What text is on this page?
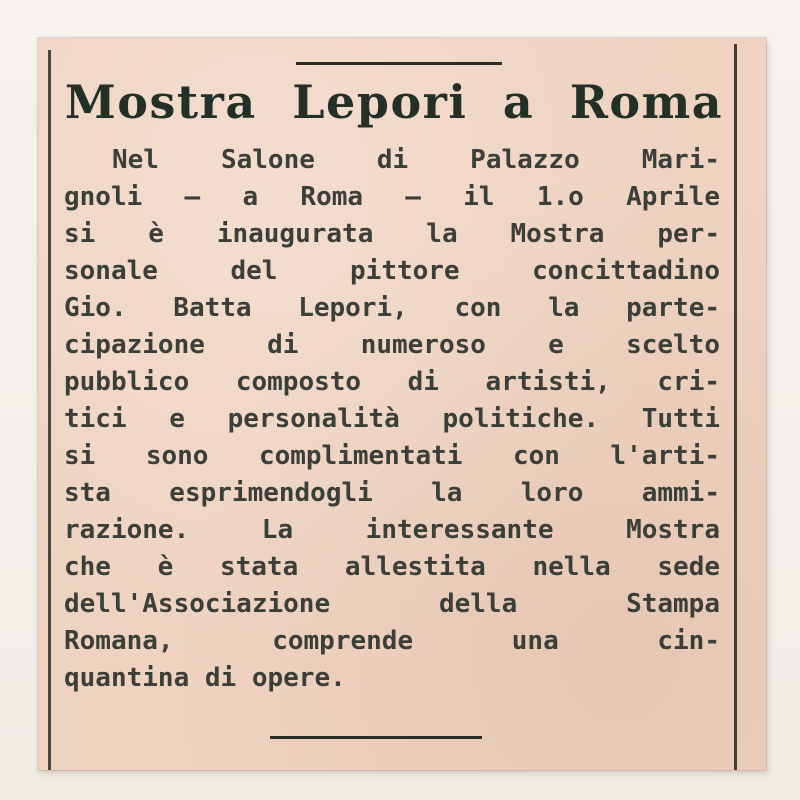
Mostra Lepori a Roma
Nel Salone di Palazzo Mari-
gnoli — a Roma — il 1.o Aprile
si è inaugurata la Mostra per-
sonale del pittore concittadino
Gio. Batta Lepori, con la parte-
cipazione di numeroso e scelto
pubblico composto di artisti, cri-
tici e personalità politiche. Tutti
si sono complimentati con l'arti-
sta esprimendogli la loro ammi-
razione. La interessante Mostra
che è stata allestita nella sede
dell'Associazione della Stampa
Romana, comprende una cin-
quantina di opere.
